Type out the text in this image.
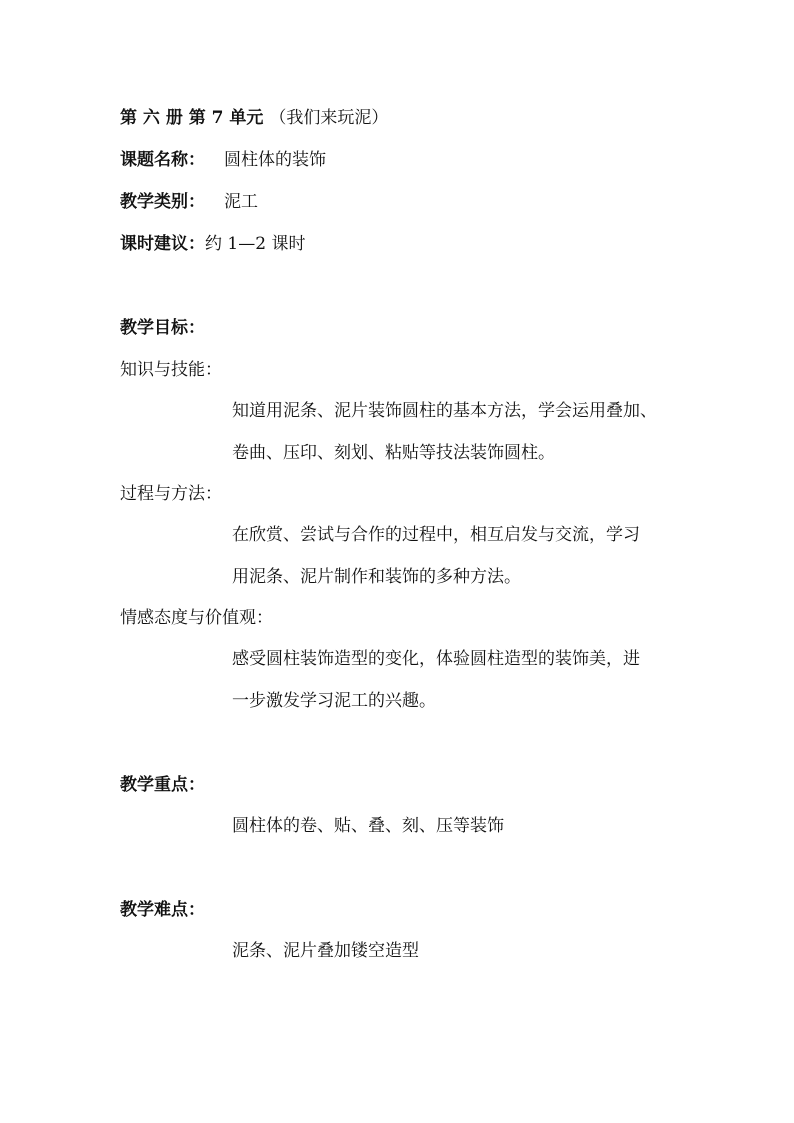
第 六 册 第 7 单元 （我们来玩泥）
课题名称： 圆柱体的装饰
教学类别： 泥工
课时建议：约 1—2 课时
教学目标：
知识与技能：
知道用泥条、泥片装饰圆柱的基本方法，学会运用叠加、
卷曲、压印、刻划、粘贴等技法装饰圆柱。
过程与方法：
在欣赏、尝试与合作的过程中，相互启发与交流，学习
用泥条、泥片制作和装饰的多种方法。
情感态度与价值观：
感受圆柱装饰造型的变化，体验圆柱造型的装饰美，进
一步激发学习泥工的兴趣。
教学重点：
圆柱体的卷、贴、叠、刻、压等装饰
教学难点：
泥条、泥片叠加镂空造型
